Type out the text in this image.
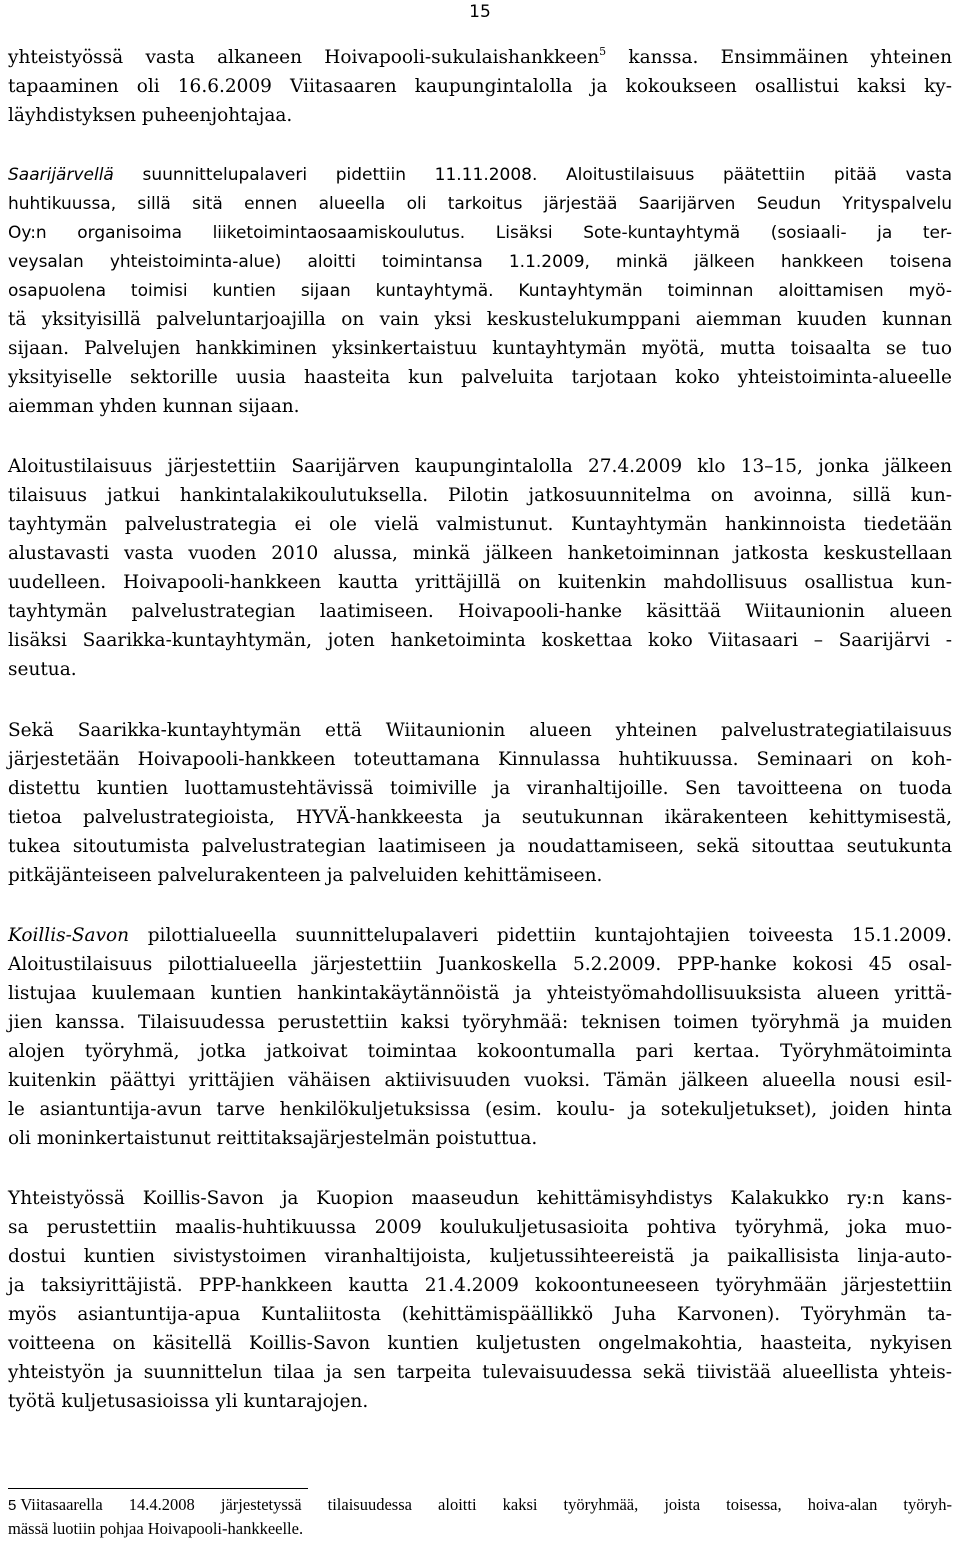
15
yhteistyössä vasta alkaneen Hoivapooli-sukulaishankkeen$^5$ kanssa. Ensimmäinen yhteinen
tapaaminen oli 16.6.2009 Viitasaaren kaupungintalolla ja kokoukseen osallistui kaksi ky-
läyhdistyksen puheenjohtajaa.
Saarijärvellä suunnittelupalaveri pidettiin 11.11.2008. Aloitustilaisuus päätettiin pitää vasta
huhtikuussa, sillä sitä ennen alueella oli tarkoitus järjestää Saarijärven Seudun Yrityspalvelu
Oy:n organisoima liiketoimintaosaamiskoulutus. Lisäksi Sote-kuntayhtymä (sosiaali- ja ter-
veysalan yhteistoiminta-alue) aloitti toimintansa 1.1.2009, minkä jälkeen hankkeen toisena
osapuolena toimisi kuntien sijaan kuntayhtymä. Kuntayhtymän toiminnan aloittamisen myö-
tä yksityisillä palveluntarjoajilla on vain yksi keskustelukumppani aiemman kuuden kunnan
sijaan. Palvelujen hankkiminen yksinkertaistuu kuntayhtymän myötä, mutta toisaalta se tuo
yksityiselle sektorille uusia haasteita kun palveluita tarjotaan koko yhteistoiminta-alueelle
aiemman yhden kunnan sijaan.
Aloitustilaisuus järjestettiin Saarijärven kaupungintalolla 27.4.2009 klo 13–15, jonka jälkeen
tilaisuus jatkui hankintalakikoulutuksella. Pilotin jatkosuunnitelma on avoinna, sillä kun-
tayhtymän palvelustrategia ei ole vielä valmistunut. Kuntayhtymän hankinnoista tiedetään
alustavasti vasta vuoden 2010 alussa, minkä jälkeen hanketoiminnan jatkosta keskustellaan
uudelleen. Hoivapooli-hankkeen kautta yrittäjillä on kuitenkin mahdollisuus osallistua kun-
tayhtymän palvelustrategian laatimiseen. Hoivapooli-hanke käsittää Wiitaunionin alueen
lisäksi Saarikka-kuntayhtymän, joten hanketoiminta koskettaa koko Viitasaari – Saarijärvi -
seutua.
Sekä Saarikka-kuntayhtymän että Wiitaunionin alueen yhteinen palvelustrategiatilaisuus
järjestetään Hoivapooli-hankkeen toteuttamana Kinnulassa huhtikuussa. Seminaari on koh-
distettu kuntien luottamustehtävissä toimiville ja viranhaltijoille. Sen tavoitteena on tuoda
tietoa palvelustrategioista, HYVÄ-hankkeesta ja seutukunnan ikärakenteen kehittymisestä,
tukea sitoutumista palvelustrategian laatimiseen ja noudattamiseen, sekä sitouttaa seutukunta
pitkäjänteiseen palvelurakenteen ja palveluiden kehittämiseen.
Koillis-Savon pilottialueella suunnittelupalaveri pidettiin kuntajohtajien toiveesta 15.1.2009.
Aloitustilaisuus pilottialueella järjestettiin Juankoskella 5.2.2009. PPP-hanke kokosi 45 osal-
listujaa kuulemaan kuntien hankintakäytännöistä ja yhteistyömahdollisuuksista alueen yrittä-
jien kanssa. Tilaisuudessa perustettiin kaksi työryhmää: teknisen toimen työryhmä ja muiden
alojen työryhmä, jotka jatkoivat toimintaa kokoontumalla pari kertaa. Työryhmätoiminta
kuitenkin päättyi yrittäjien vähäisen aktiivisuuden vuoksi. Tämän jälkeen alueella nousi esil-
le asiantuntija-avun tarve henkilökuljetuksissa (esim. koulu- ja sotekuljetukset), joiden hinta
oli moninkertaistunut reittitaksajärjestelmän poistuttua.
Yhteistyössä Koillis-Savon ja Kuopion maaseudun kehittämisyhdistys Kalakukko ry:n kans-
sa perustettiin maalis-huhtikuussa 2009 koulukuljetusasioita pohtiva työryhmä, joka muo-
dostui kuntien sivistystoimen viranhaltijoista, kuljetussihteereistä ja paikallisista linja-auto-
ja taksiyrittäjistä. PPP-hankkeen kautta 21.4.2009 kokoontuneeseen työryhmään järjestettiin
myös asiantuntija-apua Kuntaliitosta (kehittämispäällikkö Juha Karvonen). Työryhmän ta-
voitteena on käsitellä Koillis-Savon kuntien kuljetusten ongelmakohtia, haasteita, nykyisen
yhteistyön ja suunnittelun tilaa ja sen tarpeita tulevaisuudessa sekä tiivistää alueellista yhteis-
työtä kuljetusasioissa yli kuntarajojen.
5 Viitasaarella 14.4.2008 järjestetyssä tilaisuudessa aloitti kaksi työryhmää, joista toisessa, hoiva-alan työryh-
mässä luotiin pohjaa Hoivapooli-hankkeelle.
